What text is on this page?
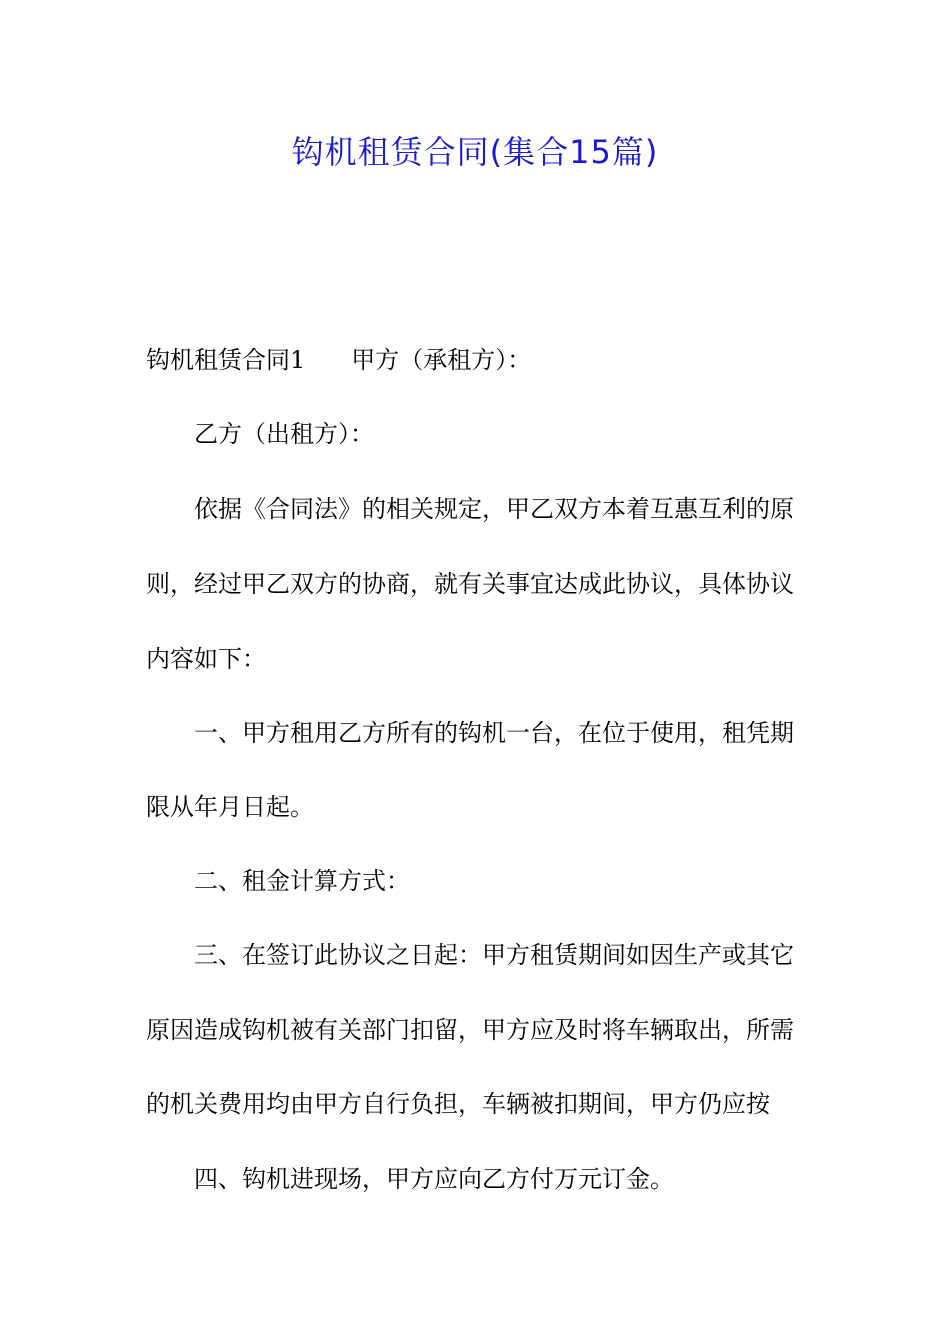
钩机租赁合同(集合15篇)
钩机租赁合同1 甲方（承租方）：
乙方（出租方）：
依据《合同法》的相关规定，甲乙双方本着互惠互利的原
则，经过甲乙双方的协商，就有关事宜达成此协议，具体协议
内容如下：
一、甲方租用乙方所有的钩机一台，在位于使用，租凭期
限从年月日起。
二、租金计算方式：
三、在签订此协议之日起：甲方租赁期间如因生产或其它
原因造成钩机被有关部门扣留，甲方应及时将车辆取出，所需
的机关费用均由甲方自行负担，车辆被扣期间，甲方仍应按
四、钩机进现场，甲方应向乙方付万元订金。
